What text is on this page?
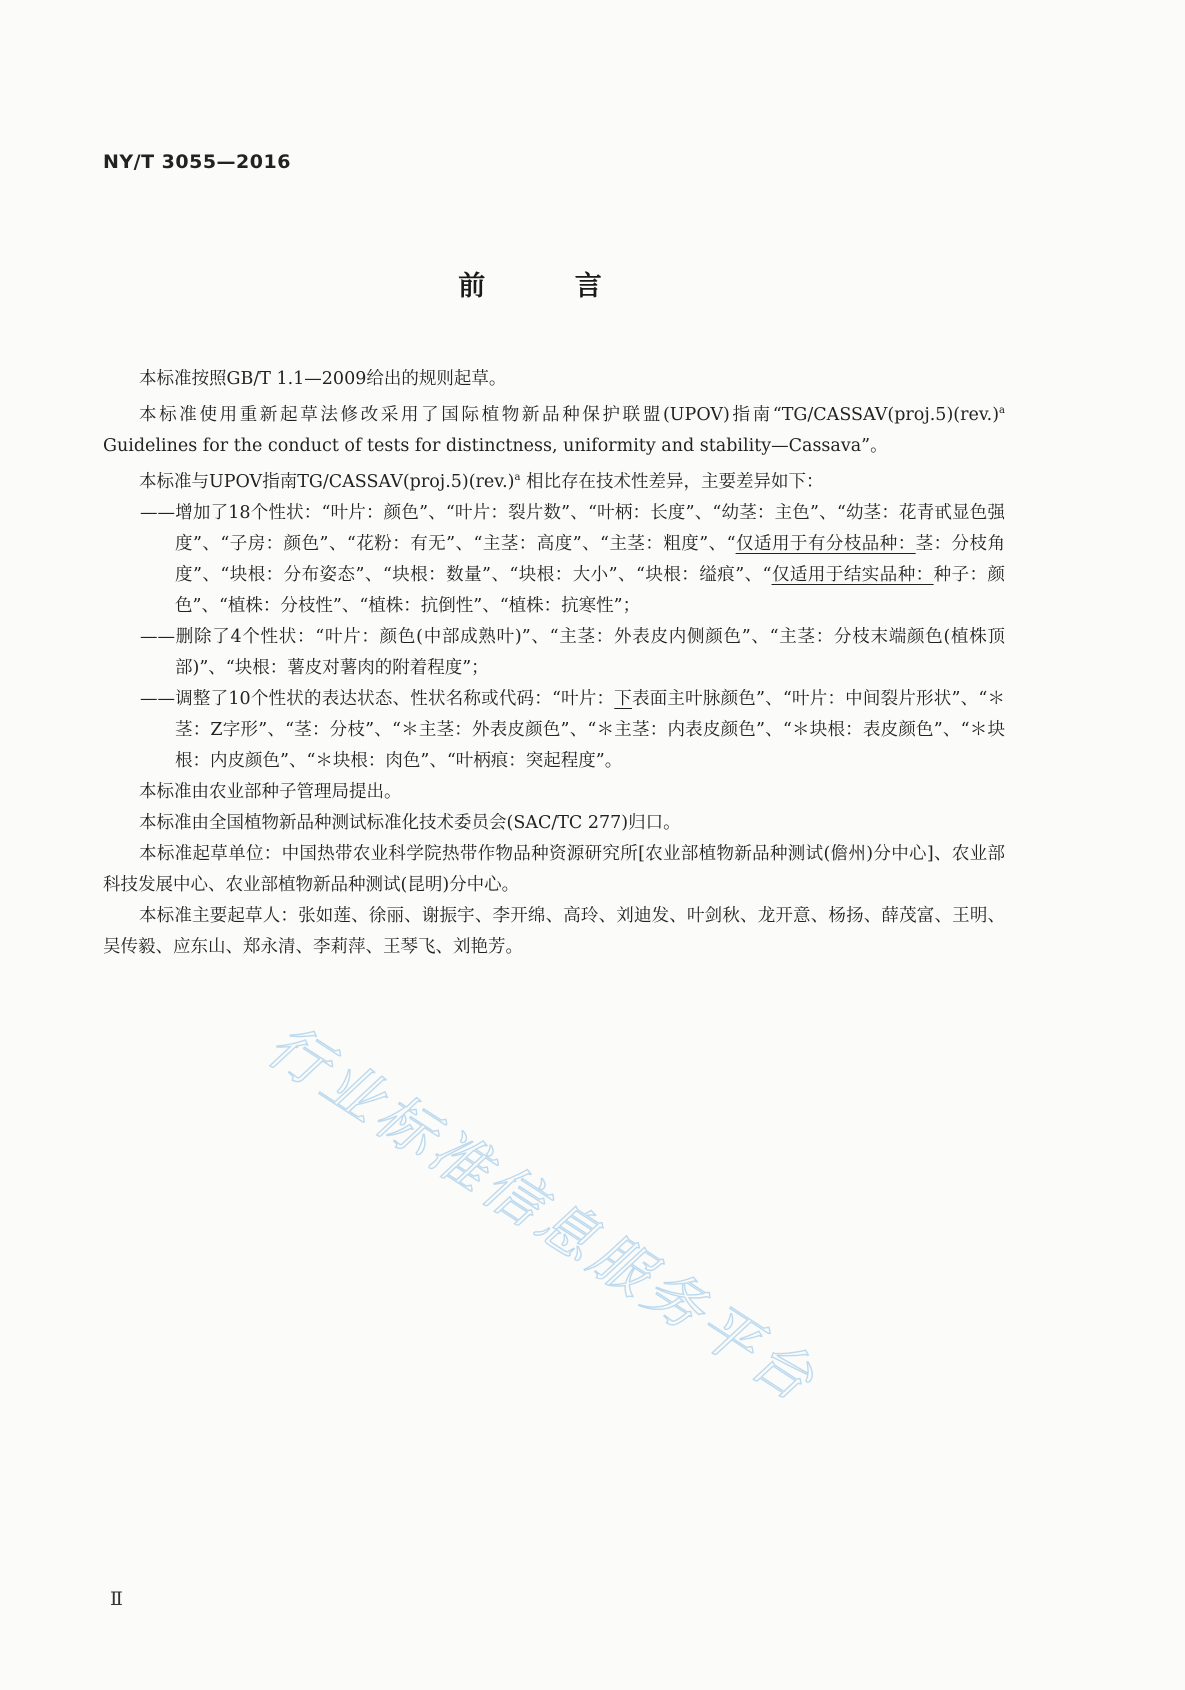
NY/T 3055—2016
前 言

本标准按照GB/T 1.1—2009给出的规则起草。

本标准使用重新起草法修改采用了国际植物新品种保护联盟(UPOV)指南“$TG/CASSAV(proj.5)(rev.)^a$ Guidelines for the conduct of tests for distinctness, uniformity and stability—Cassava”。

本标准与UPOV指南$TG/CASSAV(proj.5)(rev.)^a$ 相比存在技术性差异，主要差异如下：

——增加了18个性状：“叶片：颜色”、“叶片：裂片数”、“叶柄：长度”、“幼茎：主色”、“幼茎：花青甙显色强度”、“子房：颜色”、“花粉：有无”、“主茎：高度”、“主茎：粗度”、“仅适用于有分枝品种：茎：分枝角度”、“块根：分布姿态”、“块根：数量”、“块根：大小”、“块根：缢痕”、“仅适用于结实品种：种子：颜色”、“植株：分枝性”、“植株：抗倒性”、“植株：抗寒性”；

——删除了4个性状：“叶片：颜色(中部成熟叶)”、“主茎：外表皮内侧颜色”、“主茎：分枝末端颜色(植株顶部)”、“块根：薯皮对薯肉的附着程度”；

——调整了10个性状的表达状态、性状名称或代码：“叶片：下表面主叶脉颜色”、“叶片：中间裂片形状”、“＊茎：Z字形”、“茎：分枝”、“＊主茎：外表皮颜色”、“＊主茎：内表皮颜色”、“＊块根：表皮颜色”、“＊块根：内皮颜色”、“＊块根：肉色”、“叶柄痕：突起程度”。

本标准由农业部种子管理局提出。

本标准由全国植物新品种测试标准化技术委员会(SAC/TC 277)归口。

本标准起草单位：中国热带农业科学院热带作物品种资源研究所[农业部植物新品种测试(儋州)分中心]、农业部科技发展中心、农业部植物新品种测试(昆明)分中心。

本标准主要起草人：张如莲、徐丽、谢振宇、李开绵、高玲、刘迪发、叶剑秋、龙开意、杨扬、薛茂富、王明、吴传毅、应东山、郑永清、李莉萍、王琴飞、刘艳芳。

行业标准信息服务平台
Ⅱ
